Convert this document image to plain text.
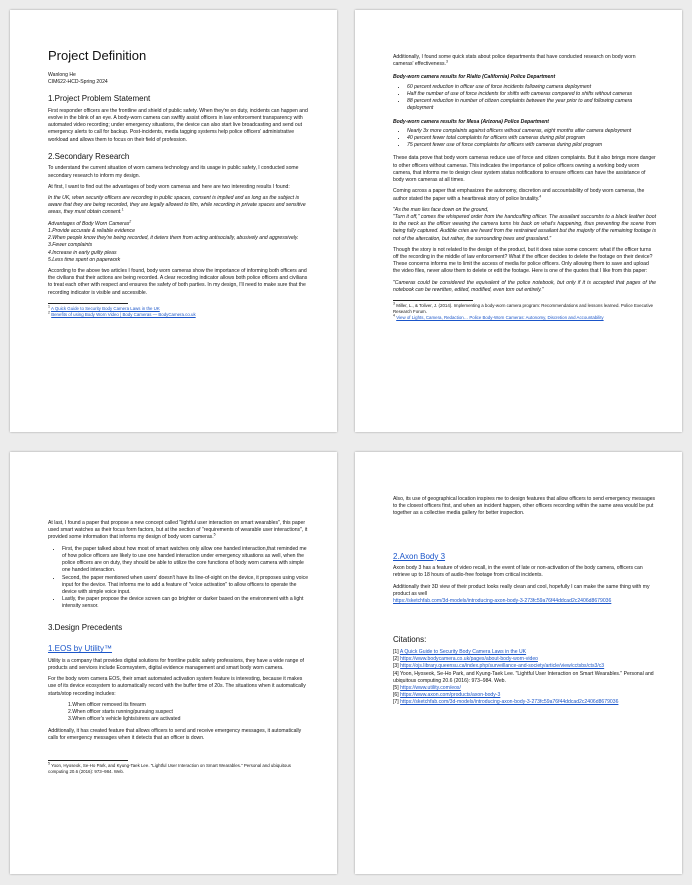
Project Definition

Wanlong He

CIM622-HCD-Spring 2024

1.Project Problem Statement

First responder officers are the frontline and shield of public safety. When they're on duty, incidents can happen and evolve in the blink of an eye. A body-worn camera can swiftly assist officers in law enforcement transparency with automated video recording; under emergency situations, the device can also start live broadcasting and send out emergency alerts to call for backup. Post-incidents, media tagging systems help police officers' administrative workload and allows them to focus on their field of profession.

2.Secondary Research

To understand the current situation of worn camera technology and its usage in public safety, I conducted some secondary research to inform my design.

At first, I want to find out the advantages of body worn cameras and here are two interesting results I found:

In the UK, when security officers are recording in public spaces, consent is implied and as long as the subject is aware that they are being recorded, they are legally allowed to film, while recording in private spaces and sensitive areas, they must obtain consent.$^1$

Advantages of Body Worn Cameras$^2$

1.Provide accurate & reliable evidence

2.When people know they're being recorded, it deters them from acting antisocially, abusively and aggressively.

3.Fewer complaints

4.Increase in early guilty pleas

5.Less time spent on paperwork

According to the above two articles I found, body worn cameras show the importance of informing both officers and the civilians that their actions are being recorded. A clear recording indicator allows both police officers and civilians to treat each other with respect and ensures the safety of both parties. In my design, I'll need to make sure that the recording indicator is visible and accessible.

$^1$ A Quick Guide to Security Body Camera Laws in the UK

$^2$ Benefits of using Body Worn Video | Body Cameras — BodyCamera.co.uk

Additionally, I found some quick stats about police departments that have conducted research on body worn cameras' effectiveness.$^3$

Body-worn camera results for Rialto (California) Police Department

• 60 percent reduction in officer use of force incidents following camera deployment
• Half the number of use of force incidents for shifts with cameras compared to shifts without cameras
• 88 percent reduction in number of citizen complaints between the year prior to and following camera deployment

Body-worn camera results for Mesa (Arizona) Police Department

• Nearly 3x more complaints against officers without cameras, eight months after camera deployment
• 40 percent fewer total complaints for officers with cameras during pilot program
• 75 percent fewer use of force complaints for officers with cameras during pilot program

These data prove that body worn cameras reduce use of force and citizen complaints. But it also brings more danger to other officers without cameras. This indicates the importance of police officers owning a working body worn camera, that informs me to design clear system status notifications to ensure officers can have the assistance of body worn cameras at all times.

Coming across a paper that emphasizes the autonomy, discretion and accountability of body worn cameras, the author stated the paper with a heartbreak story of police brutality.$^4$

"As the man lies face down on the ground,

"Turn it off," comes the whispered order from the handcuffing officer. The assailant succumbs to a black leather boot to the neck as the officer wearing the camera turns his back on what's happening, thus preventing the scene from being fully captured. Audible cries are heard from the restrained assailant but the majority of the remaining footage is not of the altercation, but rather, the surrounding trees and grassland."

Though the story is not related to the design of the product, but it does raise some concern: what if the officer turns off the recording in the middle of law enforcement? What if the officer decides to delete the footage on their device? These concerns informs me to limit the access of media for police officers. Only allowing them to save and upload the video files, never allow them to delete or edit the footage. Here is one of the quotes that I like from this paper:

"Cameras could be considered the equivalent of the police notebook, but only if it is accepted that pages of the notebook can be rewritten, edited, modified, even torn out entirely."

$^3$ Miller, L., & Toliver, J. (2014). Implementing a body-worn camera program: Recommendations and lessons learned. Police Executive Research Forum.

$^4$ View of Lights, Camera, Redaction… Police Body-Worn Cameras: Autonomy, Discretion and Accountability

At last, I found a paper that propose a new concept called "lightful user interaction on smart wearables", this paper used smart watches as their focus form factors, but at the section of "requirements of wearable user interactions", it provided some information that informs my design of body worn cameras.$^5$

• First, the paper talked about how most of smart watches only allow one handed interaction,that reminded me of how police officers are likely to use one handed interaction under emergency situations as well, when the police officers are on duty, they should be able to utilize the core functions of body worn camera with simple one handed interaction.
• Second, the paper mentioned when users' doesn't have its line-of-sight on the device, it proposes using voice input for the device. That informs me to add a feature of "voice activation" to allow officers to operate the device with simple voice input.
• Lastly, the paper propose the device screen can go brighter or darker based on the environment with a light intensity sensor.
3.Design Precedents
1.EOS by Utility™

Utility is a company that provides digital solutions for frontline public safety professions, they have a wide range of products and services include Ecomsystem, digital evidence management and smart body worn camera.

For the body worn camera EOS, their smart automated activation system feature is interesting, because it makes use of its device ecosystem to automatically record with the buffer time of 20s. The situations when it automatically starts/stop recording includes:

1.When officer removed its firearm

2.When officer starts running/pursuing suspect

3.When officer's vehicle lights/sirens are activated

Additionally, it has created feature that allows officers to send and receive emergency messages, it automatically calls for emergency messages when it detects that an officer is down.

$^5$ Yoon, Hyoseok, Se-Ho Park, and Kyung-Taek Lee. "Lightful User Interaction on Smart Wearables." Personal and ubiquitous computing 20.6 (2016): 973–984. Web.

Also, its use of geographical location inspires me to design features that allow officers to send emergency messages to the closest officers first, and when an incident happen, other officers recording within the same area would be put together as a collective media gallery for better inspection.

2.Axon Body 3

Axon body 3 has a feature of video recall, in the event of late or non-activation of the body camera, officers can retrieve up to 18 hours of audio-free footage from critical incidents.

Additionally their 3D view of their product looks really clean and cool, hopefully I can make the same thing with my product as well

https://sketchfab.com/3d-models/introducing-axon-body-3-273fc59a76f44ddcad2c2406d8679036

Citations:

[1] A Quick Guide to Security Body Camera Laws in the UK

[2] https://www.bodycamera.co.uk/pages/about-body-worn-video

[3] https://ojs.library.queensu.ca/index.php/surveillance-and-society/article/view/cctsbs/cts3/c3

[4] Yoon, Hyoseok, Se-Ho Park, and Kyung-Taek Lee. "Lightful User Interaction on Smart Wearables." Personal and ubiquitous computing 20.6 (2016): 973–984. Web.

[5] https://www.utility.com/eos/

[6] https://www.axon.com/products/axon-body-3

[7] https://sketchfab.com/3d-models/introducing-axon-body-3-273fc59a76f44ddcad2c2406d8679036
